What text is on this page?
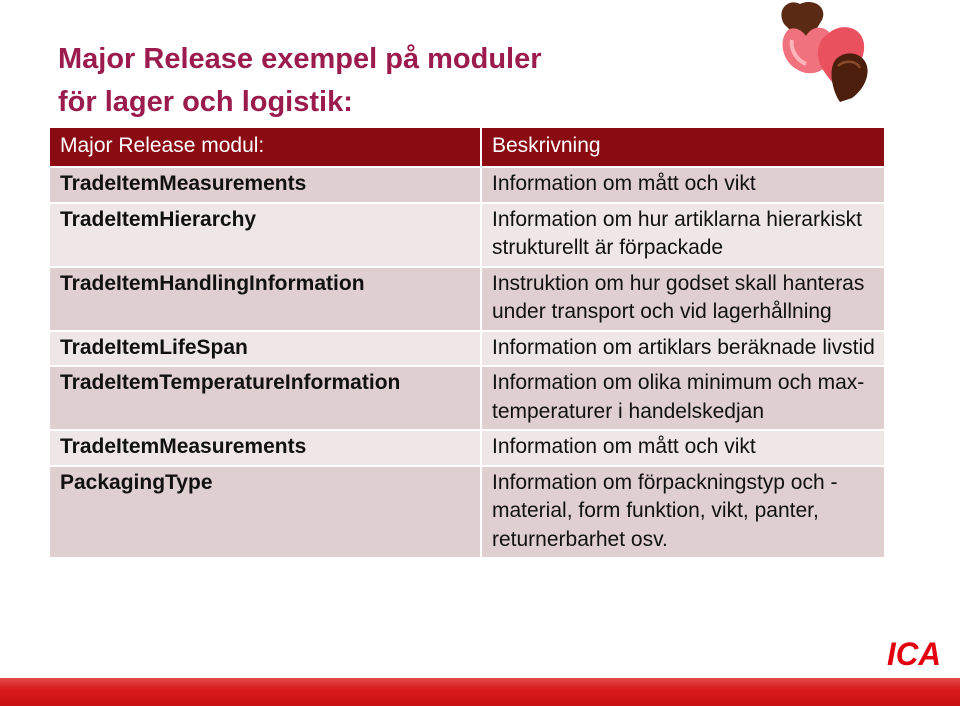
Major Release exempel på moduler
för lager och logistik:
Major Release modul:	Beskrivning
TradeItemMeasurements	Information om mått och vikt
TradeItemHierarchy	Information om hur artiklarna hierarkiskt strukturellt är förpackade
TradeItemHandlingInformation	Instruktion om hur godset skall hanteras under transport och vid lagerhållning
TradeItemLifeSpan	Information om artiklars beräknade livstid
TradeItemTemperatureInformation	Information om olika minimum och max-temperaturer i handelskedjan
TradeItemMeasurements	Information om mått och vikt
PackagingType	Information om förpackningstyp och -material, form funktion, vikt, panter, returnerbarhet osv.
ICA
